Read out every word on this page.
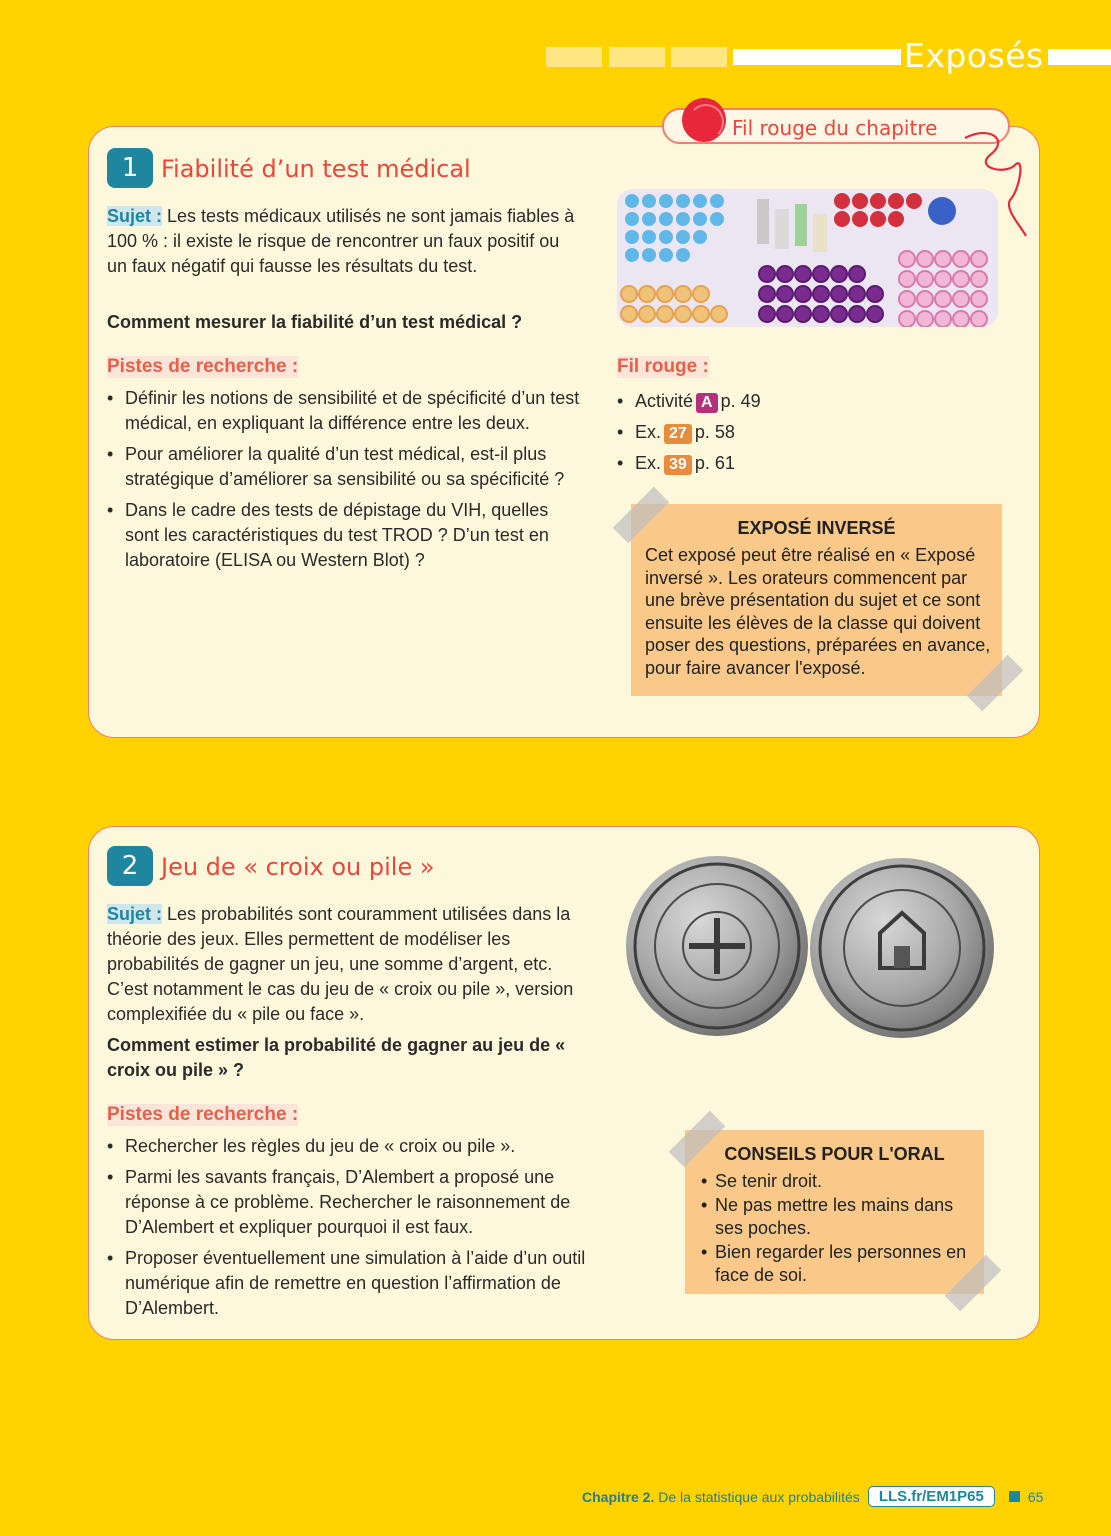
Exposés
Fil rouge du chapitre
1 Fiabilité d’un test médical
Sujet : Les tests médicaux utilisés ne sont jamais fiables à 100 % : il existe le risque de rencontrer un faux positif ou un faux négatif qui fausse les résultats du test.
Comment mesurer la fiabilité d’un test médical ?
Pistes de recherche :
• Définir les notions de sensibilité et de spécificité d’un test médical, en expliquant la différence entre les deux.
• Pour améliorer la qualité d’un test médical, est-il plus stratégique d’améliorer sa sensibilité ou sa spécificité ?
• Dans le cadre des tests de dépistage du VIH, quelles sont les caractéristiques du test TROD ? D’un test en laboratoire (ELISA ou Western Blot) ?
Fil rouge :
• Activité A p. 49
• Ex. 27 p. 58
• Ex. 39 p. 61
EXPOSÉ INVERSÉ
Cet exposé peut être réalisé en « Exposé inversé ». Les orateurs commencent par une brève présentation du sujet et ce sont ensuite les élèves de la classe qui doivent poser des questions, préparées en avance, pour faire avancer l'exposé.
2 Jeu de « croix ou pile »
Sujet : Les probabilités sont couramment utilisées dans la théorie des jeux. Elles permettent de modéliser les probabilités de gagner un jeu, une somme d’argent, etc. C’est notamment le cas du jeu de « croix ou pile », version complexifiée du « pile ou face ».
Comment estimer la probabilité de gagner au jeu de « croix ou pile » ?
Pistes de recherche :
• Rechercher les règles du jeu de « croix ou pile ».
• Parmi les savants français, D’Alembert a proposé une réponse à ce problème. Rechercher le raisonnement de D’Alembert et expliquer pourquoi il est faux.
• Proposer éventuellement une simulation à l’aide d’un outil numérique afin de remettre en question l’affirmation de D’Alembert.
CONSEILS POUR L'ORAL
• Se tenir droit.
• Ne pas mettre les mains dans ses poches.
• Bien regarder les personnes en face de soi.
Chapitre 2. De la statistique aux probabilités	LLS.fr/EM1P65	65
